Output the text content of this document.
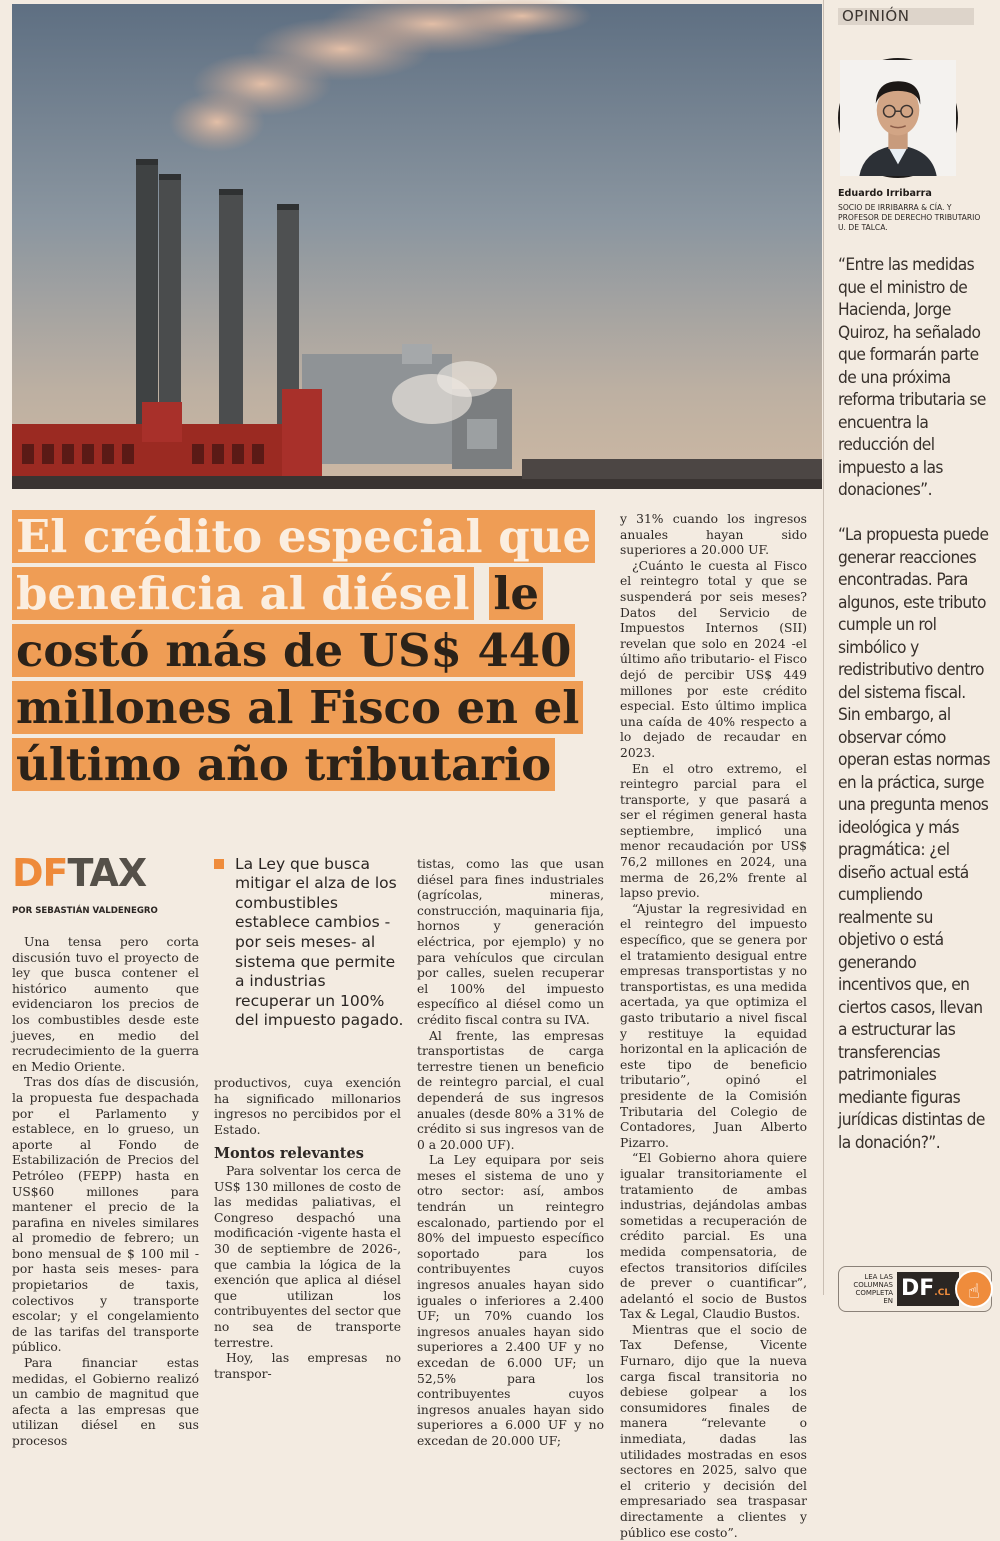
El crédito especial que beneficia al diésel le costó más de US$ 440 millones al Fisco en el último año tributario
DFTAX
POR SEBASTIÁN VALDENEGRO
La Ley que busca mitigar el alza de los combustibles establece cambios -por seis meses- al sistema que permite a industrias recuperar un 100% del impuesto pagado.

Una tensa pero corta discusión tuvo el proyecto de ley que busca contener el histórico aumento que evidenciaron los precios de los combustibles desde este jueves, en medio del recrudecimiento de la guerra en Medio Oriente.

Tras dos días de discusión, la propuesta fue despachada por el Parlamento y establece, en lo grueso, un aporte al Fondo de Estabilización de Precios del Petróleo (FEPP) hasta en US$60 millones para mantener el precio de la parafina en niveles similares al promedio de febrero; un bono mensual de $ 100 mil -por hasta seis meses- para propietarios de taxis, colectivos y transporte escolar; y el congelamiento de las tarifas del transporte público.

Para financiar estas medidas, el Gobierno realizó un cambio de magnitud que afecta a las empresas que utilizan diésel en sus procesos

productivos, cuya exención ha significado millonarios ingresos no percibidos por el Estado.

Montos relevantes

Para solventar los cerca de US$ 130 millones de costo de las medidas paliativas, el Congreso despachó una modificación -vigente hasta el 30 de septiembre de 2026-, que cambia la lógica de la exención que aplica al diésel que utilizan los contribuyentes del sector que no sea de transporte terrestre.

Hoy, las empresas no transpor-

tistas, como las que usan diésel para fines industriales (agrícolas, mineras, construcción, maquinaria fija, hornos y generación eléctrica, por ejemplo) y no para vehículos que circulan por calles, suelen recuperar el 100% del impuesto específico al diésel como un crédito fiscal contra su IVA.

Al frente, las empresas transportistas de carga terrestre tienen un beneficio de reintegro parcial, el cual dependerá de sus ingresos anuales (desde 80% a 31% de crédito si sus ingresos van de 0 a 20.000 UF).

La Ley equipara por seis meses el sistema de uno y otro sector: así, ambos tendrán un reintegro escalonado, partiendo por el 80% del impuesto específico soportado para los contribuyentes cuyos ingresos anuales hayan sido iguales o inferiores a 2.400 UF; un 70% cuando los ingresos anuales hayan sido superiores a 2.400 UF y no excedan de 6.000 UF; un 52,5% para los contribuyentes cuyos ingresos anuales hayan sido superiores a 6.000 UF y no excedan de 20.000 UF;

y 31% cuando los ingresos anuales hayan sido superiores a 20.000 UF.

¿Cuánto le cuesta al Fisco el reintegro total y que se suspenderá por seis meses? Datos del Servicio de Impuestos Internos (SII) revelan que solo en 2024 -el último año tributario- el Fisco dejó de percibir US$ 449 millones por este crédito especial. Esto último implica una caída de 40% respecto a lo dejado de recaudar en 2023.

En el otro extremo, el reintegro parcial para el transporte, y que pasará a ser el régimen general hasta septiembre, implicó una menor recaudación por US$ 76,2 millones en 2024, una merma de 26,2% frente al lapso previo.

“Ajustar la regresividad en el reintegro del impuesto específico, que se genera por el tratamiento desigual entre empresas transportistas y no transportistas, es una medida acertada, ya que optimiza el gasto tributario a nivel fiscal y restituye la equidad horizontal en la aplicación de este tipo de beneficio tributario”, opinó el presidente de la Comisión Tributaria del Colegio de Contadores, Juan Alberto Pizarro.

“El Gobierno ahora quiere igualar transitoriamente el tratamiento de ambas industrias, dejándolas ambas sometidas a recuperación de crédito parcial. Es una medida compensatoria, de efectos transitorios difíciles de prever o cuantificar”, adelantó el socio de Bustos Tax & Legal, Claudio Bustos.

Mientras que el socio de Tax Defense, Vicente Furnaro, dijo que la nueva carga fiscal transitoria no debiese golpear a los consumidores finales de manera “relevante o inmediata, dadas las utilidades mostradas en esos sectores en 2025, salvo que el criterio y decisión del empresariado sea traspasar directamente a clientes y público ese costo”.

OPINIÓN
Eduardo Irribarra
SOCIO DE IRRIBARRA & CÍA. Y PROFESOR DE DERECHO TRIBUTARIO U. DE TALCA.
“Entre las medidas que el ministro de Hacienda, Jorge Quiroz, ha señalado que formarán parte de una próxima reforma tributaria se encuentra la reducción del impuesto a las donaciones”.
“La propuesta puede generar reacciones encontradas. Para algunos, este tributo cumple un rol simbólico y redistributivo dentro del sistema fiscal. Sin embargo, al observar cómo operan estas normas en la práctica, surge una pregunta menos ideológica y más pragmática: ¿el diseño actual está cumpliendo realmente su objetivo o está generando incentivos que, en ciertos casos, llevan a estructurar las transferencias patrimoniales mediante figuras jurídicas distintas de la donación?”.
LEA LAS COLUMNAS COMPLETA EN DF.CL ☝
